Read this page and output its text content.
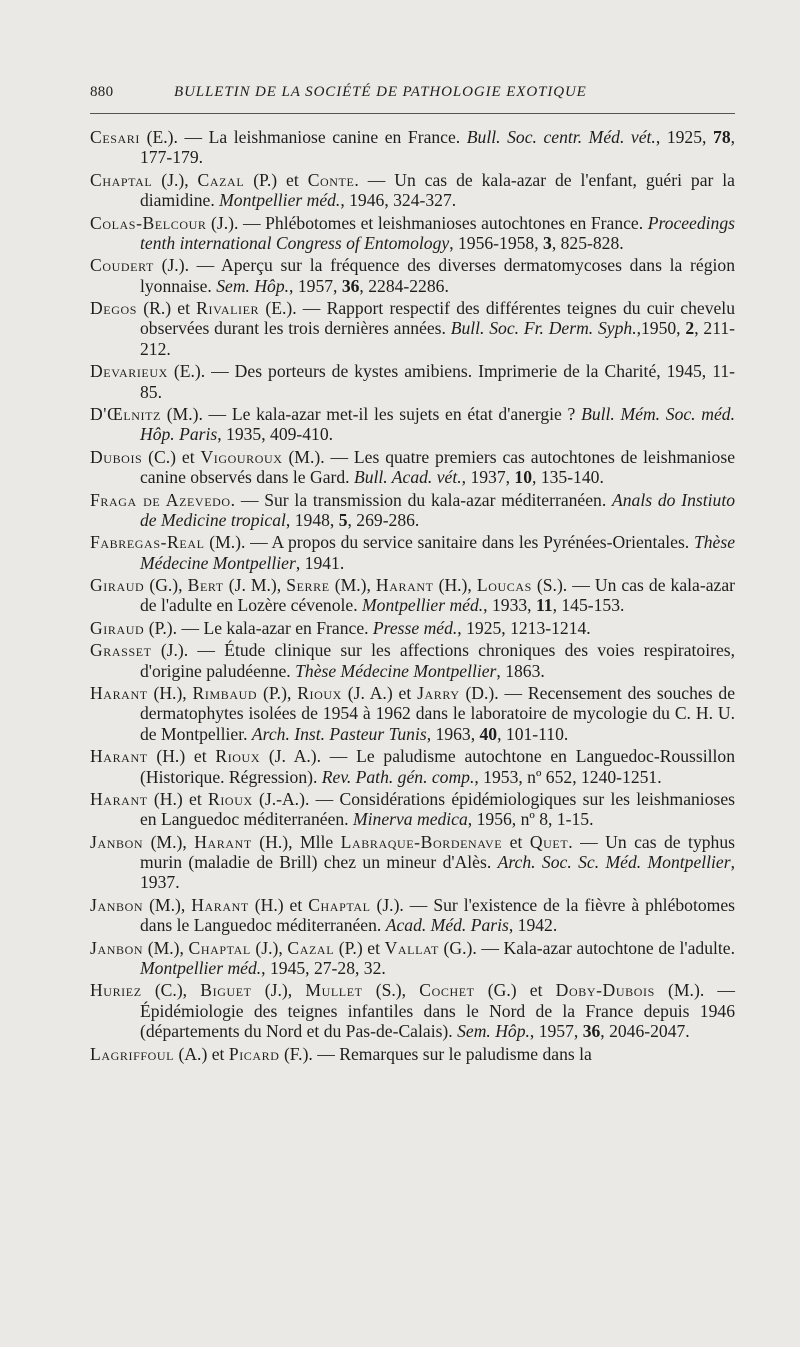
880	BULLETIN DE LA SOCIÉTÉ DE PATHOLOGIE EXOTIQUE

Cesari (E.). — La leishmaniose canine en France. Bull. Soc. centr. Méd. vét., 1925, 78, 177-179.

Chaptal (J.), Cazal (P.) et Conte. — Un cas de kala-azar de l'enfant, guéri par la diamidine. Montpellier méd., 1946, 324-327.

Colas-Belcour (J.). — Phlébotomes et leishmanioses autochtones en France. Proceedings tenth international Congress of Entomology, 1956-1958, 3, 825-828.

Coudert (J.). — Aperçu sur la fréquence des diverses dermatomycoses dans la région lyonnaise. Sem. Hôp., 1957, 36, 2284-2286.

Degos (R.) et Rivalier (E.). — Rapport respectif des différentes teignes du cuir chevelu observées durant les trois dernières années. Bull. Soc. Fr. Derm. Syph.,1950, 2, 211-212.

Devarieux (E.). — Des porteurs de kystes amibiens. Imprimerie de la Charité, 1945, 11-85.

D'Œlnitz (M.). — Le kala-azar met-il les sujets en état d'anergie ? Bull. Mém. Soc. méd. Hôp. Paris, 1935, 409-410.

Dubois (C.) et Vigouroux (M.). — Les quatre premiers cas autochtones de leishmaniose canine observés dans le Gard. Bull. Acad. vét., 1937, 10, 135-140.

Fraga de Azevedo. — Sur la transmission du kala-azar méditerranéen. Anals do Instiuto de Medicine tropical, 1948, 5, 269-286.

Fabregas-Real (M.). — A propos du service sanitaire dans les Pyrénées-Orientales. Thèse Médecine Montpellier, 1941.

Giraud (G.), Bert (J. M.), Serre (M.), Harant (H.), Loucas (S.). — Un cas de kala-azar de l'adulte en Lozère cévenole. Montpellier méd., 1933, 11, 145-153.

Giraud (P.). — Le kala-azar en France. Presse méd., 1925, 1213-1214.

Grasset (J.). — Étude clinique sur les affections chroniques des voies respiratoires, d'origine paludéenne. Thèse Médecine Montpellier, 1863.

Harant (H.), Rimbaud (P.), Rioux (J. A.) et Jarry (D.). — Recensement des souches de dermatophytes isolées de 1954 à 1962 dans le laboratoire de mycologie du C. H. U. de Montpellier. Arch. Inst. Pasteur Tunis, 1963, 40, 101-110.

Harant (H.) et Rioux (J. A.). — Le paludisme autochtone en Languedoc-Roussillon (Historique. Régression). Rev. Path. gén. comp., 1953, nº 652, 1240-1251.

Harant (H.) et Rioux (J.-A.). — Considérations épidémiologiques sur les leishmanioses en Languedoc méditerranéen. Minerva medica, 1956, nº 8, 1-15.

Janbon (M.), Harant (H.), Mlle Labraque-Bordenave et Quet. — Un cas de typhus murin (maladie de Brill) chez un mineur d'Alès. Arch. Soc. Sc. Méd. Montpellier, 1937.

Janbon (M.), Harant (H.) et Chaptal (J.). — Sur l'existence de la fièvre à phlébotomes dans le Languedoc méditerranéen. Acad. Méd. Paris, 1942.

Janbon (M.), Chaptal (J.), Cazal (P.) et Vallat (G.). — Kala-azar autochtone de l'adulte. Montpellier méd., 1945, 27-28, 32.

Huriez (C.), Biguet (J.), Mullet (S.), Cochet (G.) et Doby-Dubois (M.). — Épidémiologie des teignes infantiles dans le Nord de la France depuis 1946 (départements du Nord et du Pas-de-Calais). Sem. Hôp., 1957, 36, 2046-2047.

Lagriffoul (A.) et Picard (F.). — Remarques sur le paludisme dans la
